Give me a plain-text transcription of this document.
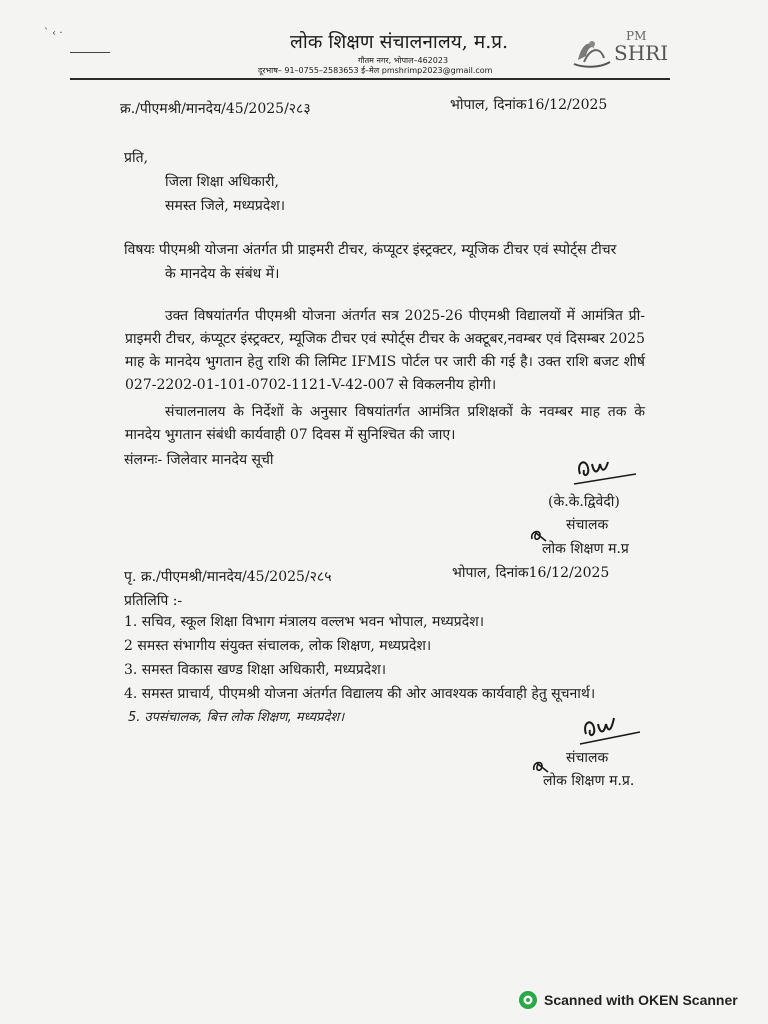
` ‹ ·	लोक शिक्षण संचालनालय, म.प्र.
गौतम नगर, भोपाल–462023
दूरभाष– 91–0755–2583653 ई–मेल pmshrimp2023@gmail.com
PM
SHRI
क्र./पीएमश्री/मानदेय/45/2025/२८३	भोपाल, दिनांक16/12/2025
प्रति,
जिला शिक्षा अधिकारी,
समस्त जिले, मध्यप्रदेश।
विषयः पीएमश्री योजना अंतर्गत प्री प्राइमरी टीचर, कंप्यूटर इंस्ट्रक्टर, म्यूजिक टीचर एवं स्पोर्ट्स टीचर
के मानदेय के संबंध में।
उक्त विषयांतर्गत पीएमश्री योजना अंतर्गत सत्र 2025-26 पीएमश्री विद्यालयों में आमंत्रित प्री-प्राइमरी टीचर, कंप्यूटर इंस्ट्रक्टर, म्यूजिक टीचर एवं स्पोर्ट्स टीचर के अक्टूबर,नवम्बर एवं दिसम्बर 2025 माह के मानदेय भुगतान हेतु राशि की लिमिट IFMIS पोर्टल पर जारी की गई है। उक्त राशि बजट शीर्ष 027-2202-01-101-0702-1121-V-42-007 से विकलनीय होगी।
संचालनालय के निर्देशों के अनुसार विषयांतर्गत आमंत्रित प्रशिक्षकों के नवम्बर माह तक के मानदेय भुगतान संबंधी कार्यवाही 07 दिवस में सुनिश्चित की जाए।
संलग्नः- जिलेवार मानदेय सूची
(के.के.द्विवेदी)
संचालक
लोक शिक्षण म.प्र
पृ. क्र./पीएमश्री/मानदेय/45/2025/२८५	भोपाल, दिनांक16/12/2025
प्रतिलिपि :-
1. सचिव, स्कूल शिक्षा विभाग मंत्रालय वल्लभ भवन भोपाल, मध्यप्रदेश।
2 समस्त संभागीय संयुक्त संचालक, लोक शिक्षण, मध्यप्रदेश।
3. समस्त विकास खण्ड शिक्षा अधिकारी, मध्यप्रदेश।
4. समस्त प्राचार्य, पीएमश्री योजना अंतर्गत विद्यालय की ओर आवश्यक कार्यवाही हेतु सूचनार्थ।
5. उपसंचालक, बित्त लोक शिक्षण, मध्यप्रदेश।
संचालक
लोक शिक्षण म.प्र.
Scanned with OKEN Scanner
